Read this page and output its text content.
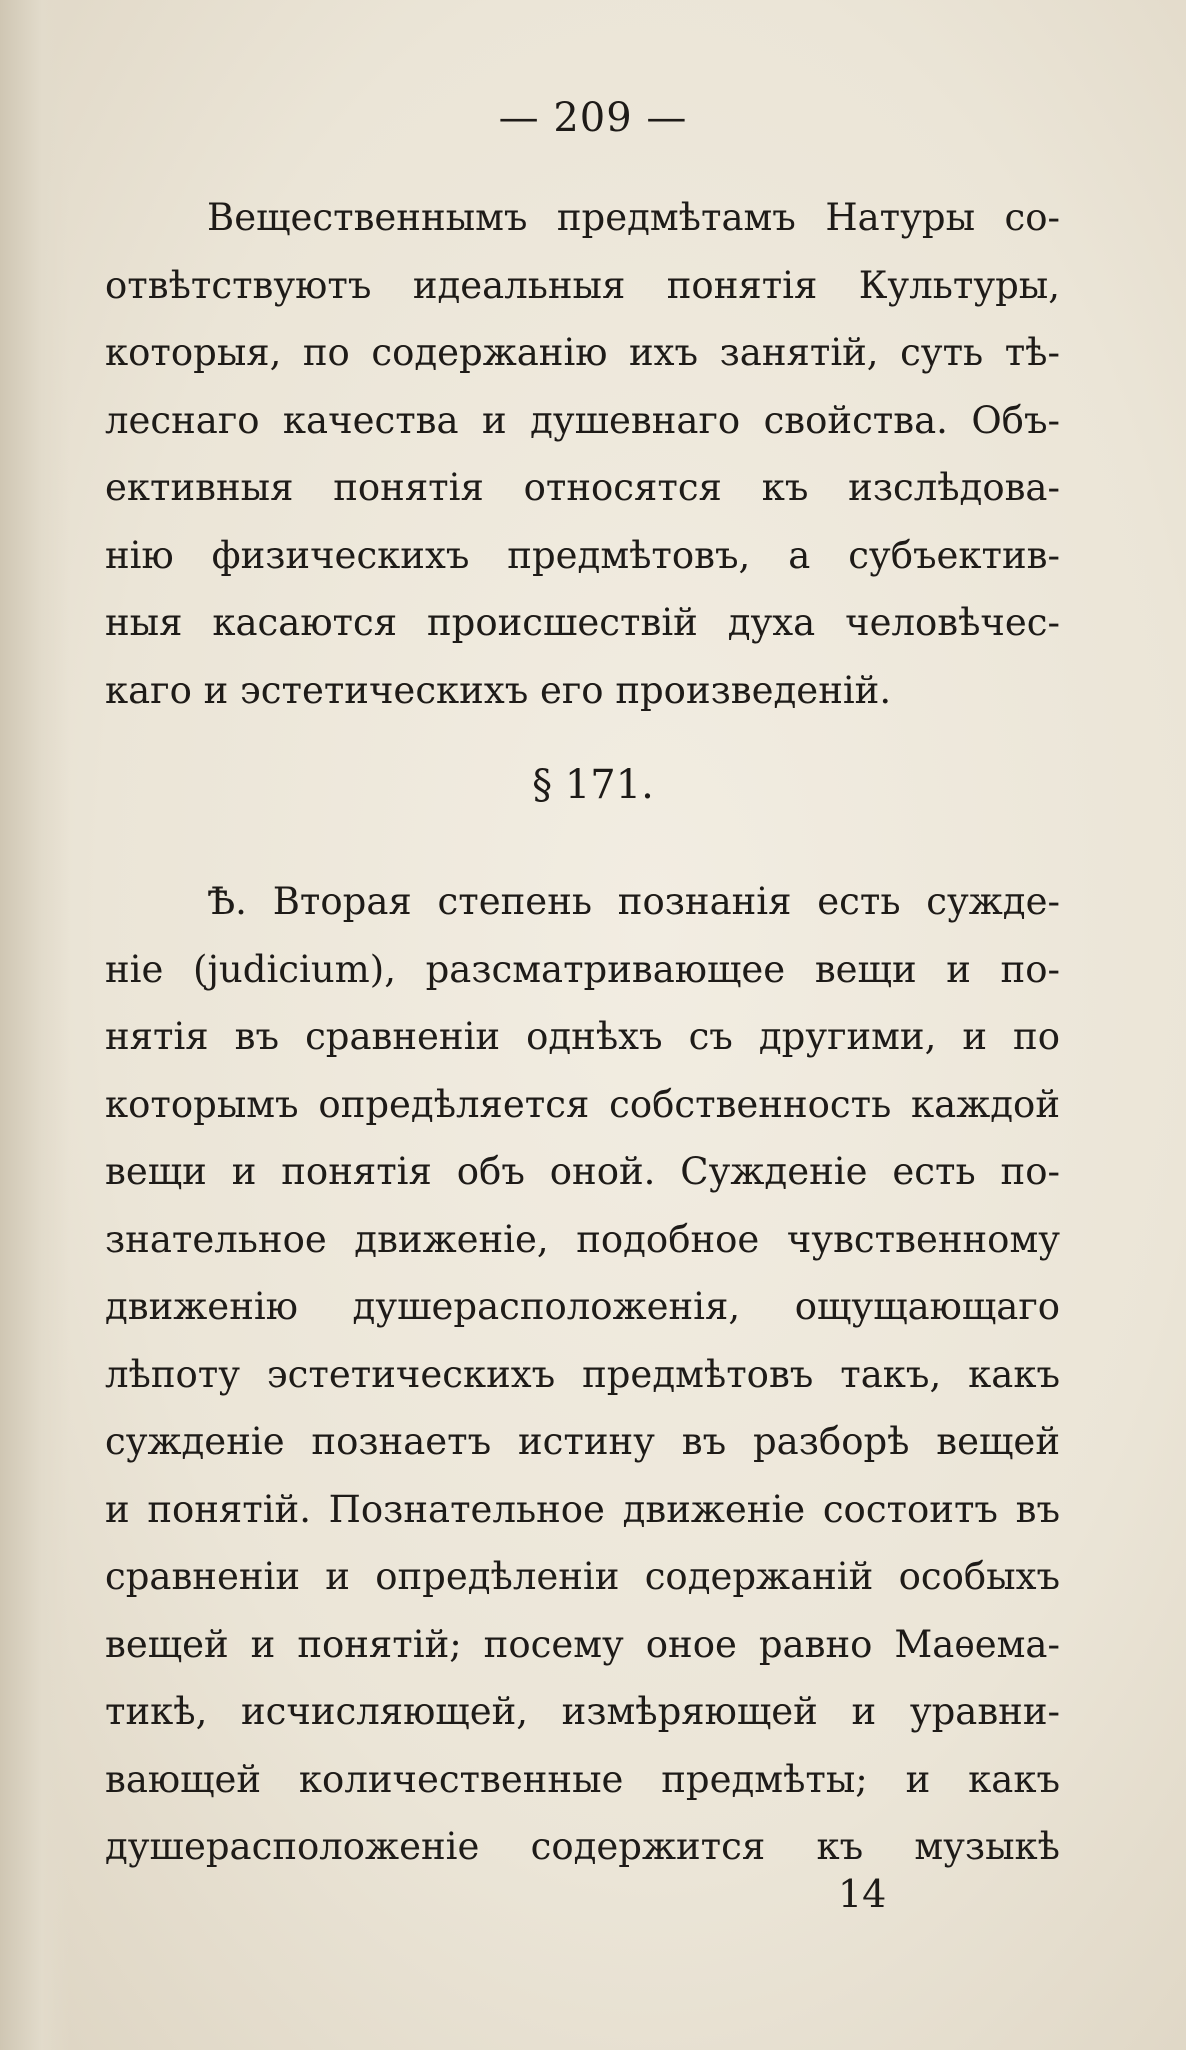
— 209 —
Вещественнымъ предмѣтамъ Натуры со-
отвѣтствуютъ идеальныя понятія Культуры,
которыя, по содержанію ихъ занятій, суть тѣ-
леснаго качества и душевнаго свойства. Объ-
ективныя понятія относятся къ изслѣдова-
нію физическихъ предмѣтовъ, а субъектив-
ныя касаются происшествій духа человѣчес-
каго и эстетическихъ его произведеній.
§ 171.
Ѣ. Вторая степень познанія есть сужде-
ніе (judicium), разсматривающее вещи и по-
нятія въ сравненіи однѣхъ съ другими, и по
которымъ опредѣляется собственность каждой
вещи и понятія объ оной. Сужденіе есть по-
знательное движеніе, подобное чувственному
движенію душерасположенія, ощущающаго
лѣпоту эстетическихъ предмѣтовъ такъ, какъ
сужденіе познаетъ истину въ разборѣ вещей
и понятій. Познательное движеніе состоитъ въ
сравненіи и опредѣленіи содержаній особыхъ
вещей и понятій; посему оное равно Маѳема-
тикѣ, исчисляющей, измѣряющей и уравни-
вающей количественные предмѣты; и какъ
душерасположеніе содержится къ музыкѣ
14
